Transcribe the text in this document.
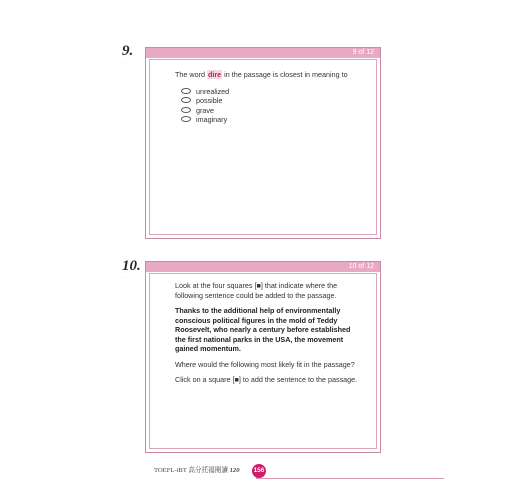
9.
· · · · ·
9 of 12
The word dire in the passage is closest in meaning to
unrealized
possible
grave
imaginary
10.
· · · · ·
10 of 12

Look at the four squares [■] that indicate where the following sentence could be added to the passage.

Thanks to the additional help of environmentally conscious political figures in the mold of Teddy Roosevelt, who nearly a century before established the first national parks in the USA, the movement gained momentum.

Where would the following most likely fit in the passage?

Click on a square [■] to add the sentence to the passage.

TOEFL-iBT 高分托福閱讀 120 156
